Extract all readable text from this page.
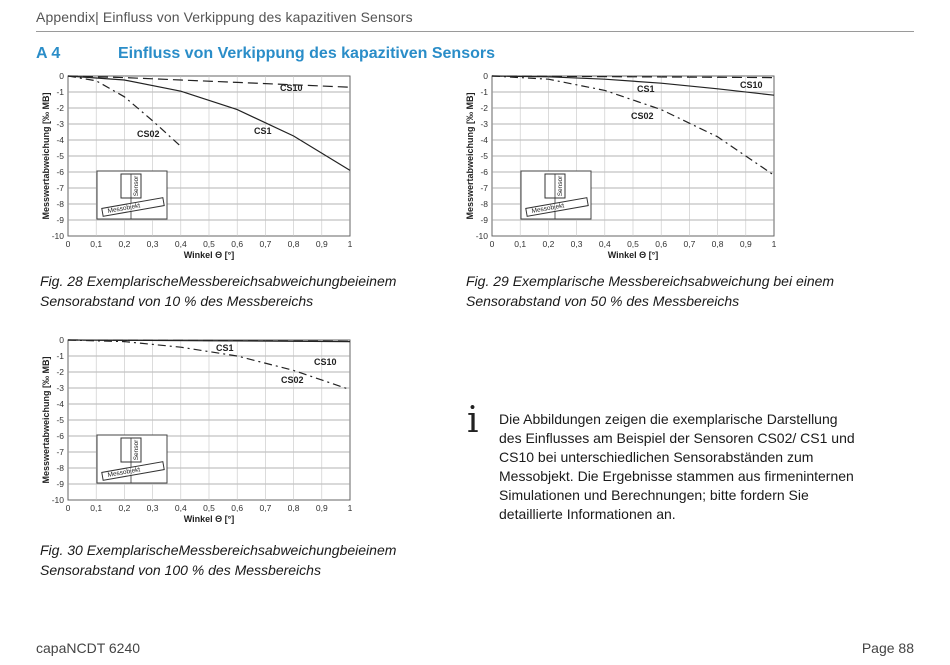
Appendix| Einfluss von Verkippung des kapazitiven Sensors
A 4	Einfluss von Verkippung des kapazitiven Sensors
0
-1
-2
-3
-4
-5
-6
-7
-8
-9
-10
0 0,1 0,2 0,3 0,4 0,5 0,6 0,7 0,8 0,9 1
Winkel Θ [°]
Messwertabweichung [‰ MB]	Sensor
Messobjekt
CS10
CS1
CS02
Fig. 28 ExemplarischeMessbereichsabweichungbeieinem
Sensorabstand von 10 % des Messbereichs
0
-1
-2
-3
-4
-5
-6
-7
-8
-9
-10
0 0,1 0,2 0,3 0,4 0,5 0,6 0,7 0,8 0,9 1
Winkel Θ [°]
Messwertabweichung [‰ MB]	Sensor
Messobjekt
CS10
CS1
CS02
Fig. 29 Exemplarische Messbereichsabweichung bei einem
Sensorabstand von 50 % des Messbereichs
0
-1
-2
-3
-4
-5
-6
-7
-8
-9
-10
0 0,1 0,2 0,3 0,4 0,5 0,6 0,7 0,8 0,9 1
Winkel Θ [°]
Messwertabweichung [‰ MB]	Sensor
Messobjekt
CS10
CS1
CS02
Fig. 30 ExemplarischeMessbereichsabweichungbeieinem
Sensorabstand von 100 % des Messbereichs
i Die Abbildungen zeigen die exemplarische Darstellung des Einflusses am Beispiel der Sensoren CS02/ CS1 und CS10 bei unterschiedlichen Sensorabständen zum Messobjekt. Die Ergebnisse stammen aus firmeninternen Simulationen und Berechnungen; bitte fordern Sie detaillierte Informationen an.
capaNCDT 6240	Page 88
